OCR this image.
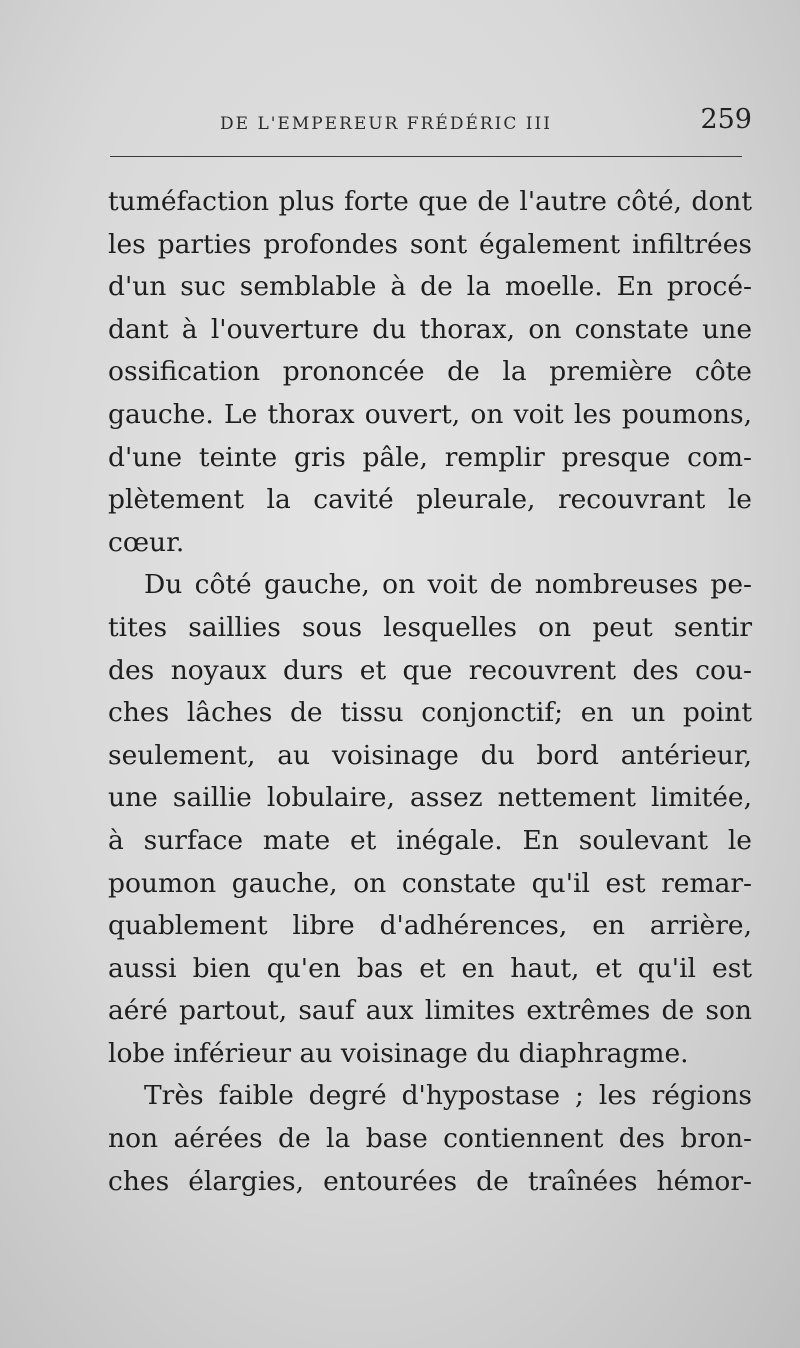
DE L'EMPEREUR FRÉDÉRIC III	259
tuméfaction plus forte que de l'autre côté, dont
les parties profondes sont également infiltrées
d'un suc semblable à de la moelle. En procé-
dant à l'ouverture du thorax, on constate une
ossification prononcée de la première côte
gauche. Le thorax ouvert, on voit les poumons,
d'une teinte gris pâle, remplir presque com-
plètement la cavité pleurale, recouvrant le
cœur.
Du côté gauche, on voit de nombreuses pe-
tites saillies sous lesquelles on peut sentir
des noyaux durs et que recouvrent des cou-
ches lâches de tissu conjonctif; en un point
seulement, au voisinage du bord antérieur,
une saillie lobulaire, assez nettement limitée,
à surface mate et inégale. En soulevant le
poumon gauche, on constate qu'il est remar-
quablement libre d'adhérences, en arrière,
aussi bien qu'en bas et en haut, et qu'il est
aéré partout, sauf aux limites extrêmes de son
lobe inférieur au voisinage du diaphragme.
Très faible degré d'hypostase ; les régions
non aérées de la base contiennent des bron-
ches élargies, entourées de traînées hémor-
